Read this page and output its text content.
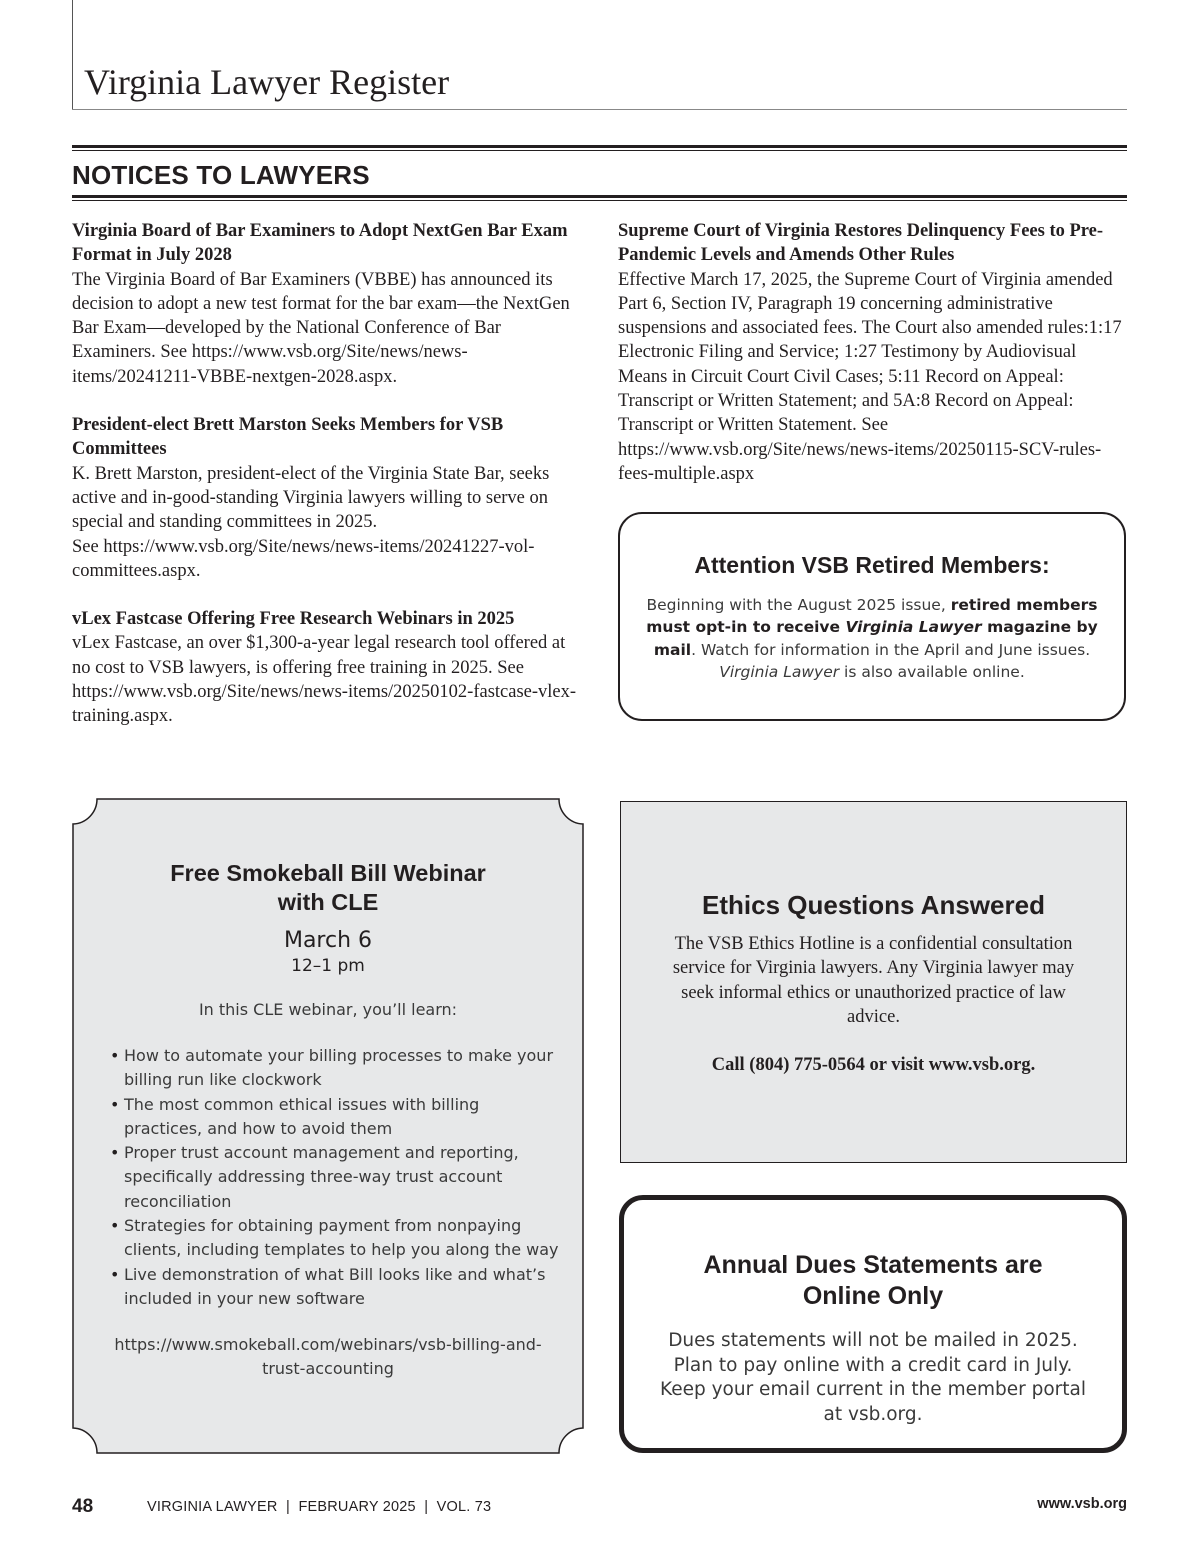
Virginia Lawyer Register
NOTICES TO LAWYERS

Virginia Board of Bar Examiners to Adopt NextGen Bar Exam Format in July 2028

The Virginia Board of Bar Examiners (VBBE) has announced its decision to adopt a new test format for the bar exam—the NextGen Bar Exam—developed by the National Conference of Bar Examiners. See https://www.vsb.org/Site/news/news-items/20241211-VBBE-nextgen-2028.aspx.

President-elect Brett Marston Seeks Members for VSB Committees

K. Brett Marston, president-elect of the Virginia State Bar, seeks active and in-good-standing Virginia lawyers willing to serve on special and standing committees in 2025.

See https://www.vsb.org/Site/news/news-items/20241227-vol-committees.aspx.

vLex Fastcase Offering Free Research Webinars in 2025

vLex Fastcase, an over $1,300-a-year legal research tool offered at no cost to VSB lawyers, is offering free training in 2025. See https://www.vsb.org/Site/news/news-items/20250102-fastcase-vlex-training.aspx.

Supreme Court of Virginia Restores Delinquency Fees to Pre-Pandemic Levels and Amends Other Rules

Effective March 17, 2025, the Supreme Court of Virginia amended Part 6, Section IV, Paragraph 19 concerning administrative suspensions and associated fees. The Court also amended rules:1:17 Electronic Filing and Service; 1:27 Testimony by Audiovisual Means in Circuit Court Civil Cases; 5:11 Record on Appeal: Transcript or Written Statement; and 5A:8 Record on Appeal: Transcript or Written Statement. See https://www.vsb.org/Site/news/news-items/20250115-SCV-rules-fees-multiple.aspx

Attention VSB Retired Members:
Beginning with the August 2025 issue, retired members must opt-in to receive Virginia Lawyer magazine by mail. Watch for information in the April and June issues. Virginia Lawyer is also available online.
Free Smokeball Bill Webinar
with CLE
March 6
12–1 pm
In this CLE webinar, you’ll learn:
• How to automate your billing processes to make your billing run like clockwork
• The most common ethical issues with billing practices, and how to avoid them
• Proper trust account management and reporting, specifically addressing three-way trust account reconciliation
• Strategies for obtaining payment from nonpaying clients, including templates to help you along the way
• Live demonstration of what Bill looks like and what’s included in your new software
https://www.smokeball.com/webinars/vsb-billing-and-trust-accounting
Ethics Questions Answered
The VSB Ethics Hotline is a confidential consultation service for Virginia lawyers. Any Virginia lawyer may seek informal ethics or unauthorized practice of law advice.
Call (804) 775-0564 or visit www.vsb.org.
Annual Dues Statements are
Online Only
Dues statements will not be mailed in 2025. Plan to pay online with a credit card in July. Keep your email current in the member portal at vsb.org.
48	VIRGINIA LAWYER  |  FEBRUARY 2025  |  VOL. 73	www.vsb.org
